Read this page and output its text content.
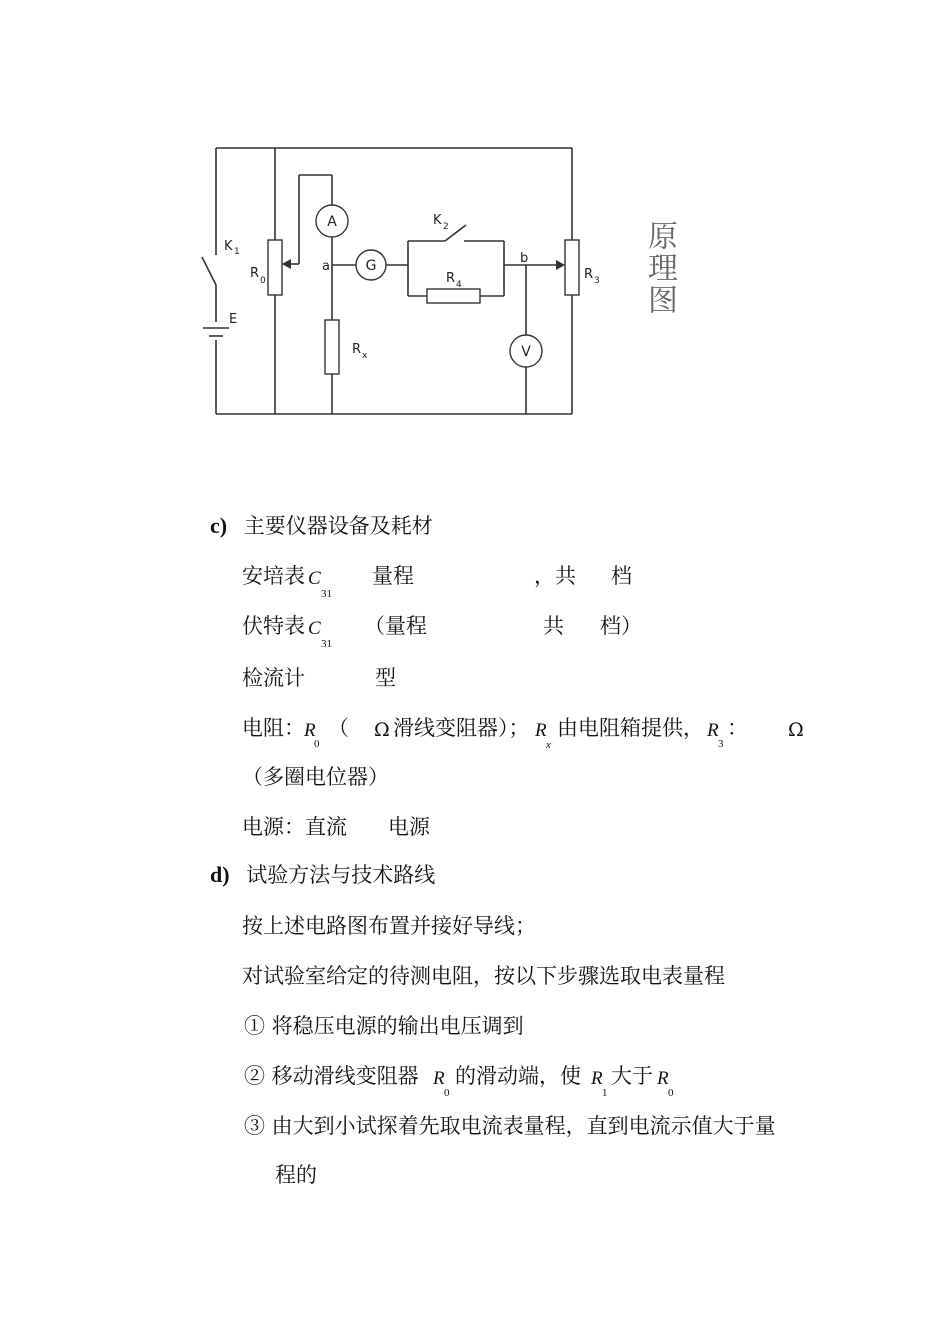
A
G
V
K 1
R 0
E
a
b
K 2
R 4
R 3
R x
原理图
c) 主要仪器设备及耗材
安培表 C
31
量程	，共 档
伏特表 C
31
（量程	共 档）
检流计	型
电阻： R
0
（ Ω 滑线变阻器）； R
x
由电阻箱提供， R
3
： Ω
（多圈电位器）
电源：直流 电源
d) 试验方法与技术路线
按上述电路图布置并接好导线；
对试验室给定的待测电阻，按以下步骤选取电表量程
① 将稳压电源的输出电压调到
② 移动滑线变阻器 R
0
的滑动端，使 R
1
大于 R
0
③ 由大到小试探着先取电流表量程，直到电流示值大于量
程的
